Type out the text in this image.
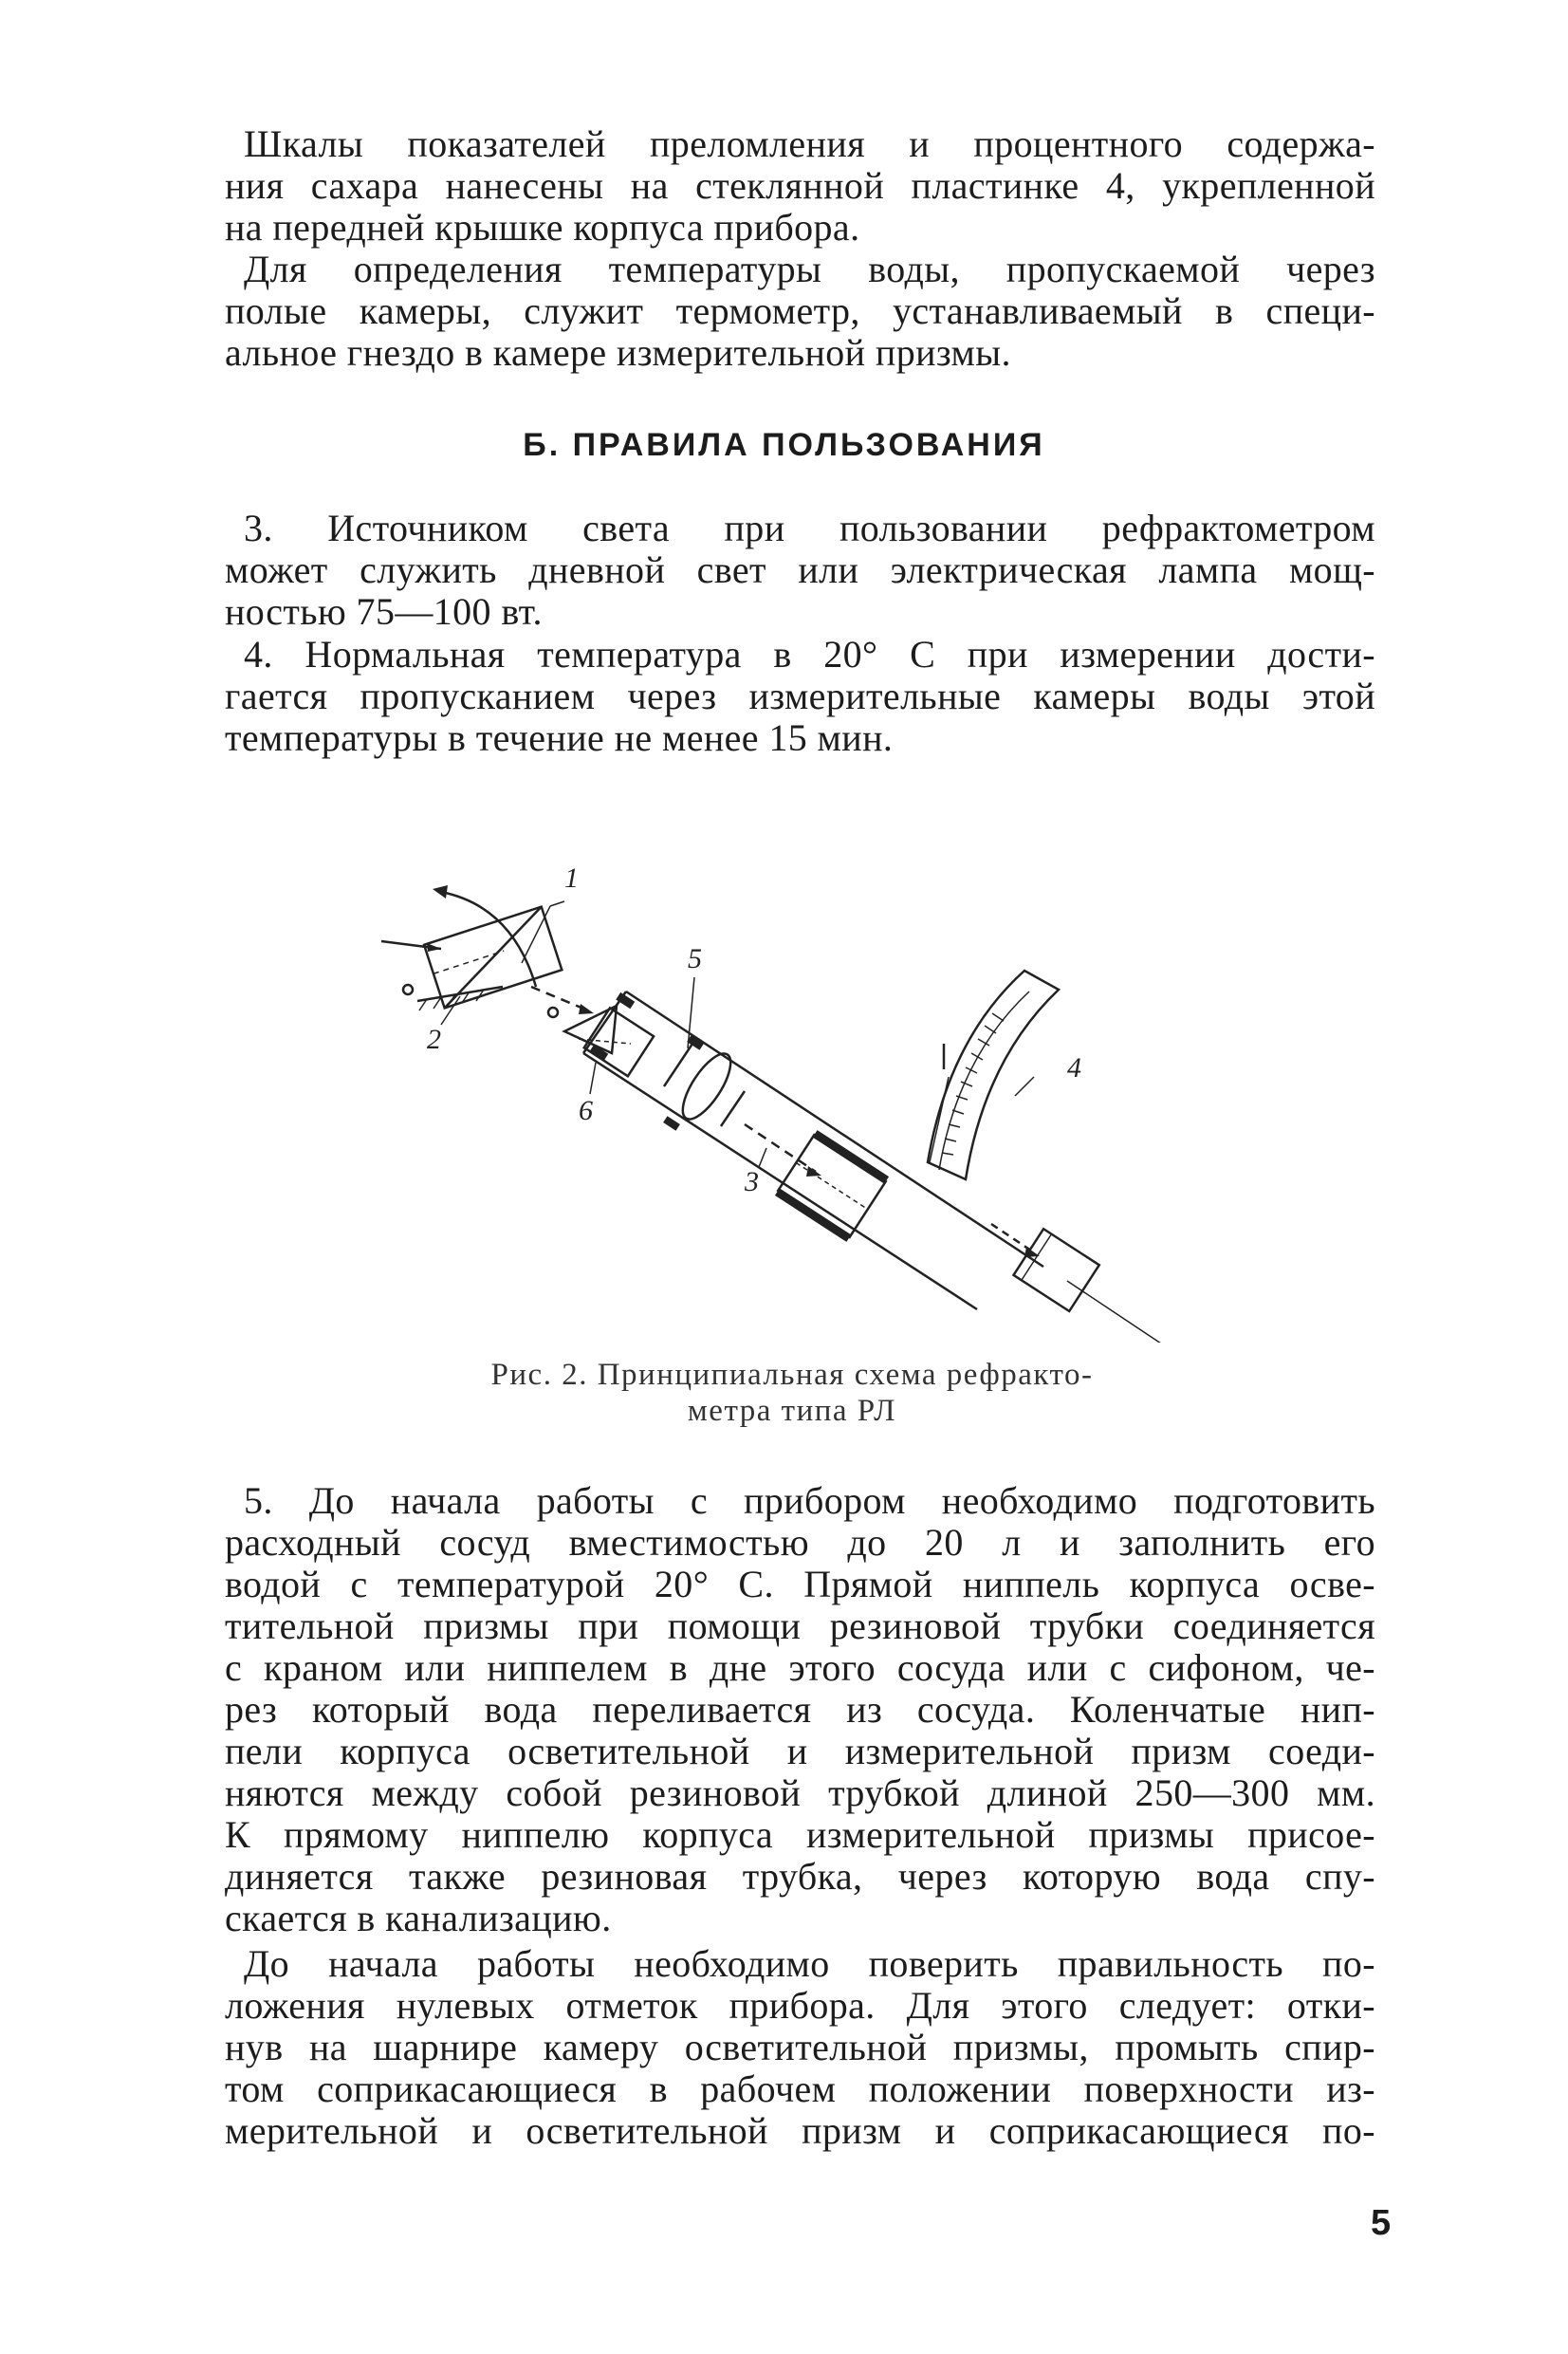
Шкалы показателей преломления и процентного содержа-
ния сахара нанесены на стеклянной пластинке 4, укрепленной
на передней крышке корпуса прибора.
Для определения температуры воды, пропускаемой через
полые камеры, служит термометр, устанавливаемый в специ-
альное гнездо в камере измерительной призмы.
Б. ПРАВИЛА ПОЛЬЗОВАНИЯ
3. Источником света при пользовании рефрактометром
может служить дневной свет или электрическая лампа мощ-
ностью 75—100 вт.
4. Нормальная температура в 20° С при измерении дости-
гается пропусканием через измерительные камеры воды этой
температуры в течение не менее 15 мин.
1
2
3
4
5
6
Рис. 2. Принципиальная схема рефракто-
метра типа РЛ
5. До начала работы с прибором необходимо подготовить
расходный сосуд вместимостью до 20 л и заполнить его
водой с температурой 20° С. Прямой ниппель корпуса осве-
тительной призмы при помощи резиновой трубки соединяется
с краном или ниппелем в дне этого сосуда или с сифоном, че-
рез который вода переливается из сосуда. Коленчатые нип-
пели корпуса осветительной и измерительной призм соеди-
няются между собой резиновой трубкой длиной 250—300 мм.
К прямому ниппелю корпуса измерительной призмы присое-
диняется также резиновая трубка, через которую вода спу-
скается в канализацию.
До начала работы необходимо поверить правильность по-
ложения нулевых отметок прибора. Для этого следует: отки-
нув на шарнире камеру осветительной призмы, промыть спир-
том соприкасающиеся в рабочем положении поверхности из-
мерительной и осветительной призм и соприкасающиеся по-
5
